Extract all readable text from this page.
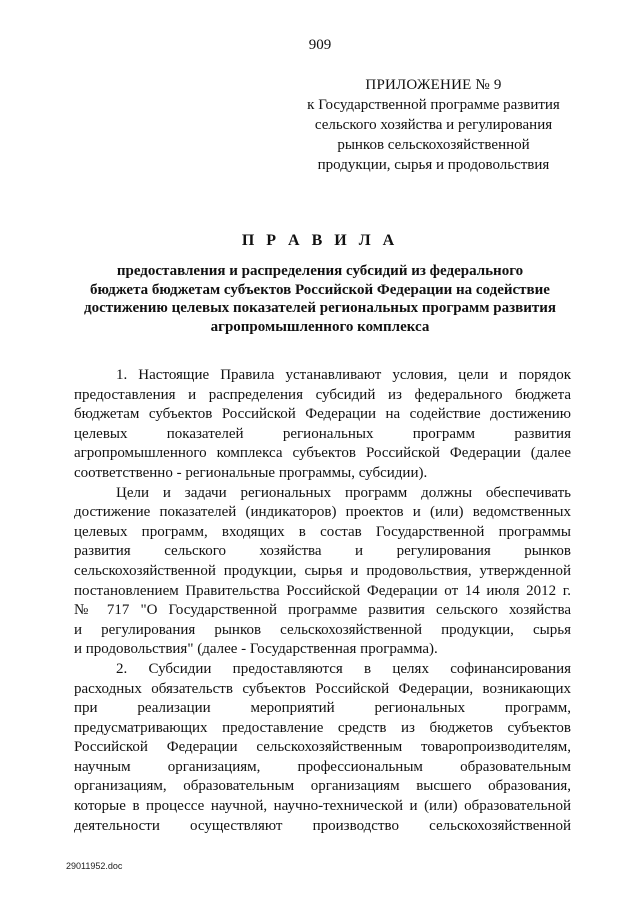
909
ПРИЛОЖЕНИЕ № 9
к Государственной программе развития
сельского хозяйства и регулирования
рынков сельскохозяйственной
продукции, сырья и продовольствия
П Р А В И Л А
предоставления и распределения субсидий из федерального
бюджета бюджетам субъектов Российской Федерации на содействие
достижению целевых показателей региональных программ развития
агропромышленного комплекса
1. Настоящие Правила устанавливают условия, цели и порядок
предоставления и распределения субсидий из федерального бюджета
бюджетам субъектов Российской Федерации на содействие достижению
целевых показателей региональных программ развития
агропромышленного комплекса субъектов Российской Федерации (далее
соответственно - региональные программы, субсидии).
Цели и задачи региональных программ должны обеспечивать
достижение показателей (индикаторов) проектов и (или) ведомственных
целевых программ, входящих в состав Государственной программы
развития сельского хозяйства и регулирования рынков
сельскохозяйственной продукции, сырья и продовольствия, утвержденной
постановлением Правительства Российской Федерации от 14 июля 2012 г.
№ 717 "О Государственной программе развития сельского хозяйства
и регулирования рынков сельскохозяйственной продукции, сырья
и продовольствия" (далее - Государственная программа).
2. Субсидии предоставляются в целях софинансирования
расходных обязательств субъектов Российской Федерации, возникающих
при реализации мероприятий региональных программ,
предусматривающих предоставление средств из бюджетов субъектов
Российской Федерации сельскохозяйственным товаропроизводителям,
научным организациям, профессиональным образовательным
организациям, образовательным организациям высшего образования,
которые в процессе научной, научно-технической и (или) образовательной
деятельности осуществляют производство сельскохозяйственной
29011952.doc
